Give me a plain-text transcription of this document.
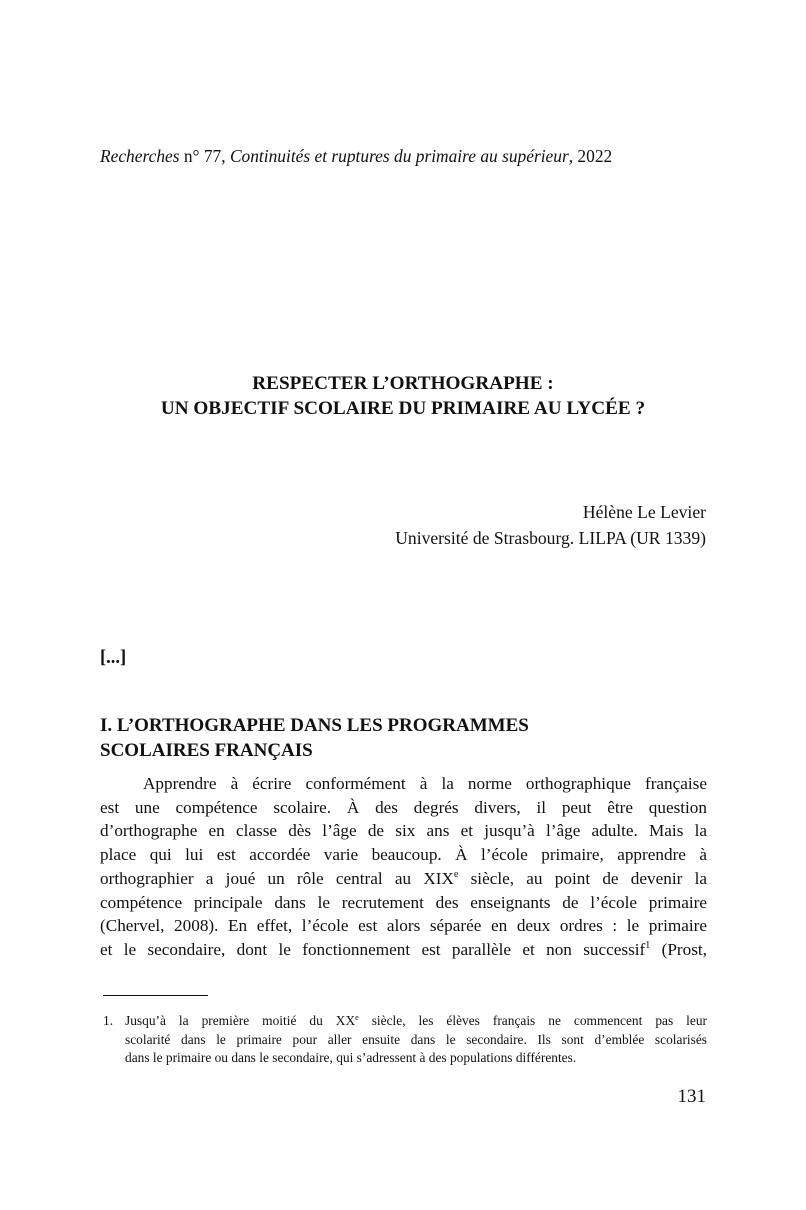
Recherches n° 77, Continuités et ruptures du primaire au supérieur, 2022
RESPECTER L’ORTHOGRAPHE :
UN OBJECTIF SCOLAIRE DU PRIMAIRE AU LYCÉE ?
Hélène Le Levier
Université de Strasbourg. LILPA (UR 1339)
[...]
I. L’ORTHOGRAPHE DANS LES PROGRAMMES
SCOLAIRES FRANÇAIS
Apprendre à écrire conformément à la norme orthographique française
est une compétence scolaire. À des degrés divers, il peut être question
d’orthographe en classe dès l’âge de six ans et jusqu’à l’âge adulte. Mais la
place qui lui est accordée varie beaucoup. À l’école primaire, apprendre à
orthographier a joué un rôle central au XIXe siècle, au point de devenir la
compétence principale dans le recrutement des enseignants de l’école primaire
(Chervel, 2008). En effet, l’école est alors séparée en deux ordres : le primaire
et le secondaire, dont le fonctionnement est parallèle et non successif$^1$ (Prost,
1. Jusqu’à la première moitié du XXe siècle, les élèves français ne commencent pas leur
scolarité dans le primaire pour aller ensuite dans le secondaire. Ils sont d’emblée scolarisés
dans le primaire ou dans le secondaire, qui s’adressent à des populations différentes.
131
